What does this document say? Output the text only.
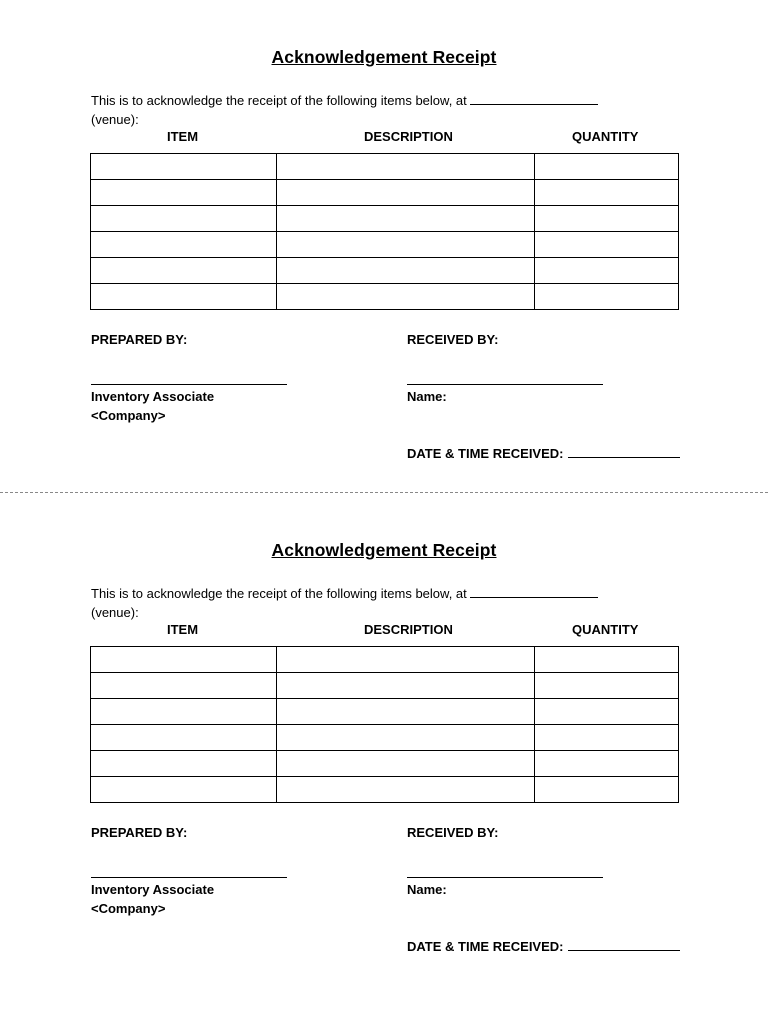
Acknowledgement Receipt
This is to acknowledge the receipt of the following items below, at
(venue):
ITEM	DESCRIPTION	QUANTITY

PREPARED BY:	RECEIVED BY:
Inventory Associate
<Company>
Name:
DATE & TIME RECEIVED:
Acknowledgement Receipt
This is to acknowledge the receipt of the following items below, at
(venue):
ITEM	DESCRIPTION	QUANTITY

PREPARED BY:	RECEIVED BY:
Inventory Associate
<Company>
Name:
DATE & TIME RECEIVED:
